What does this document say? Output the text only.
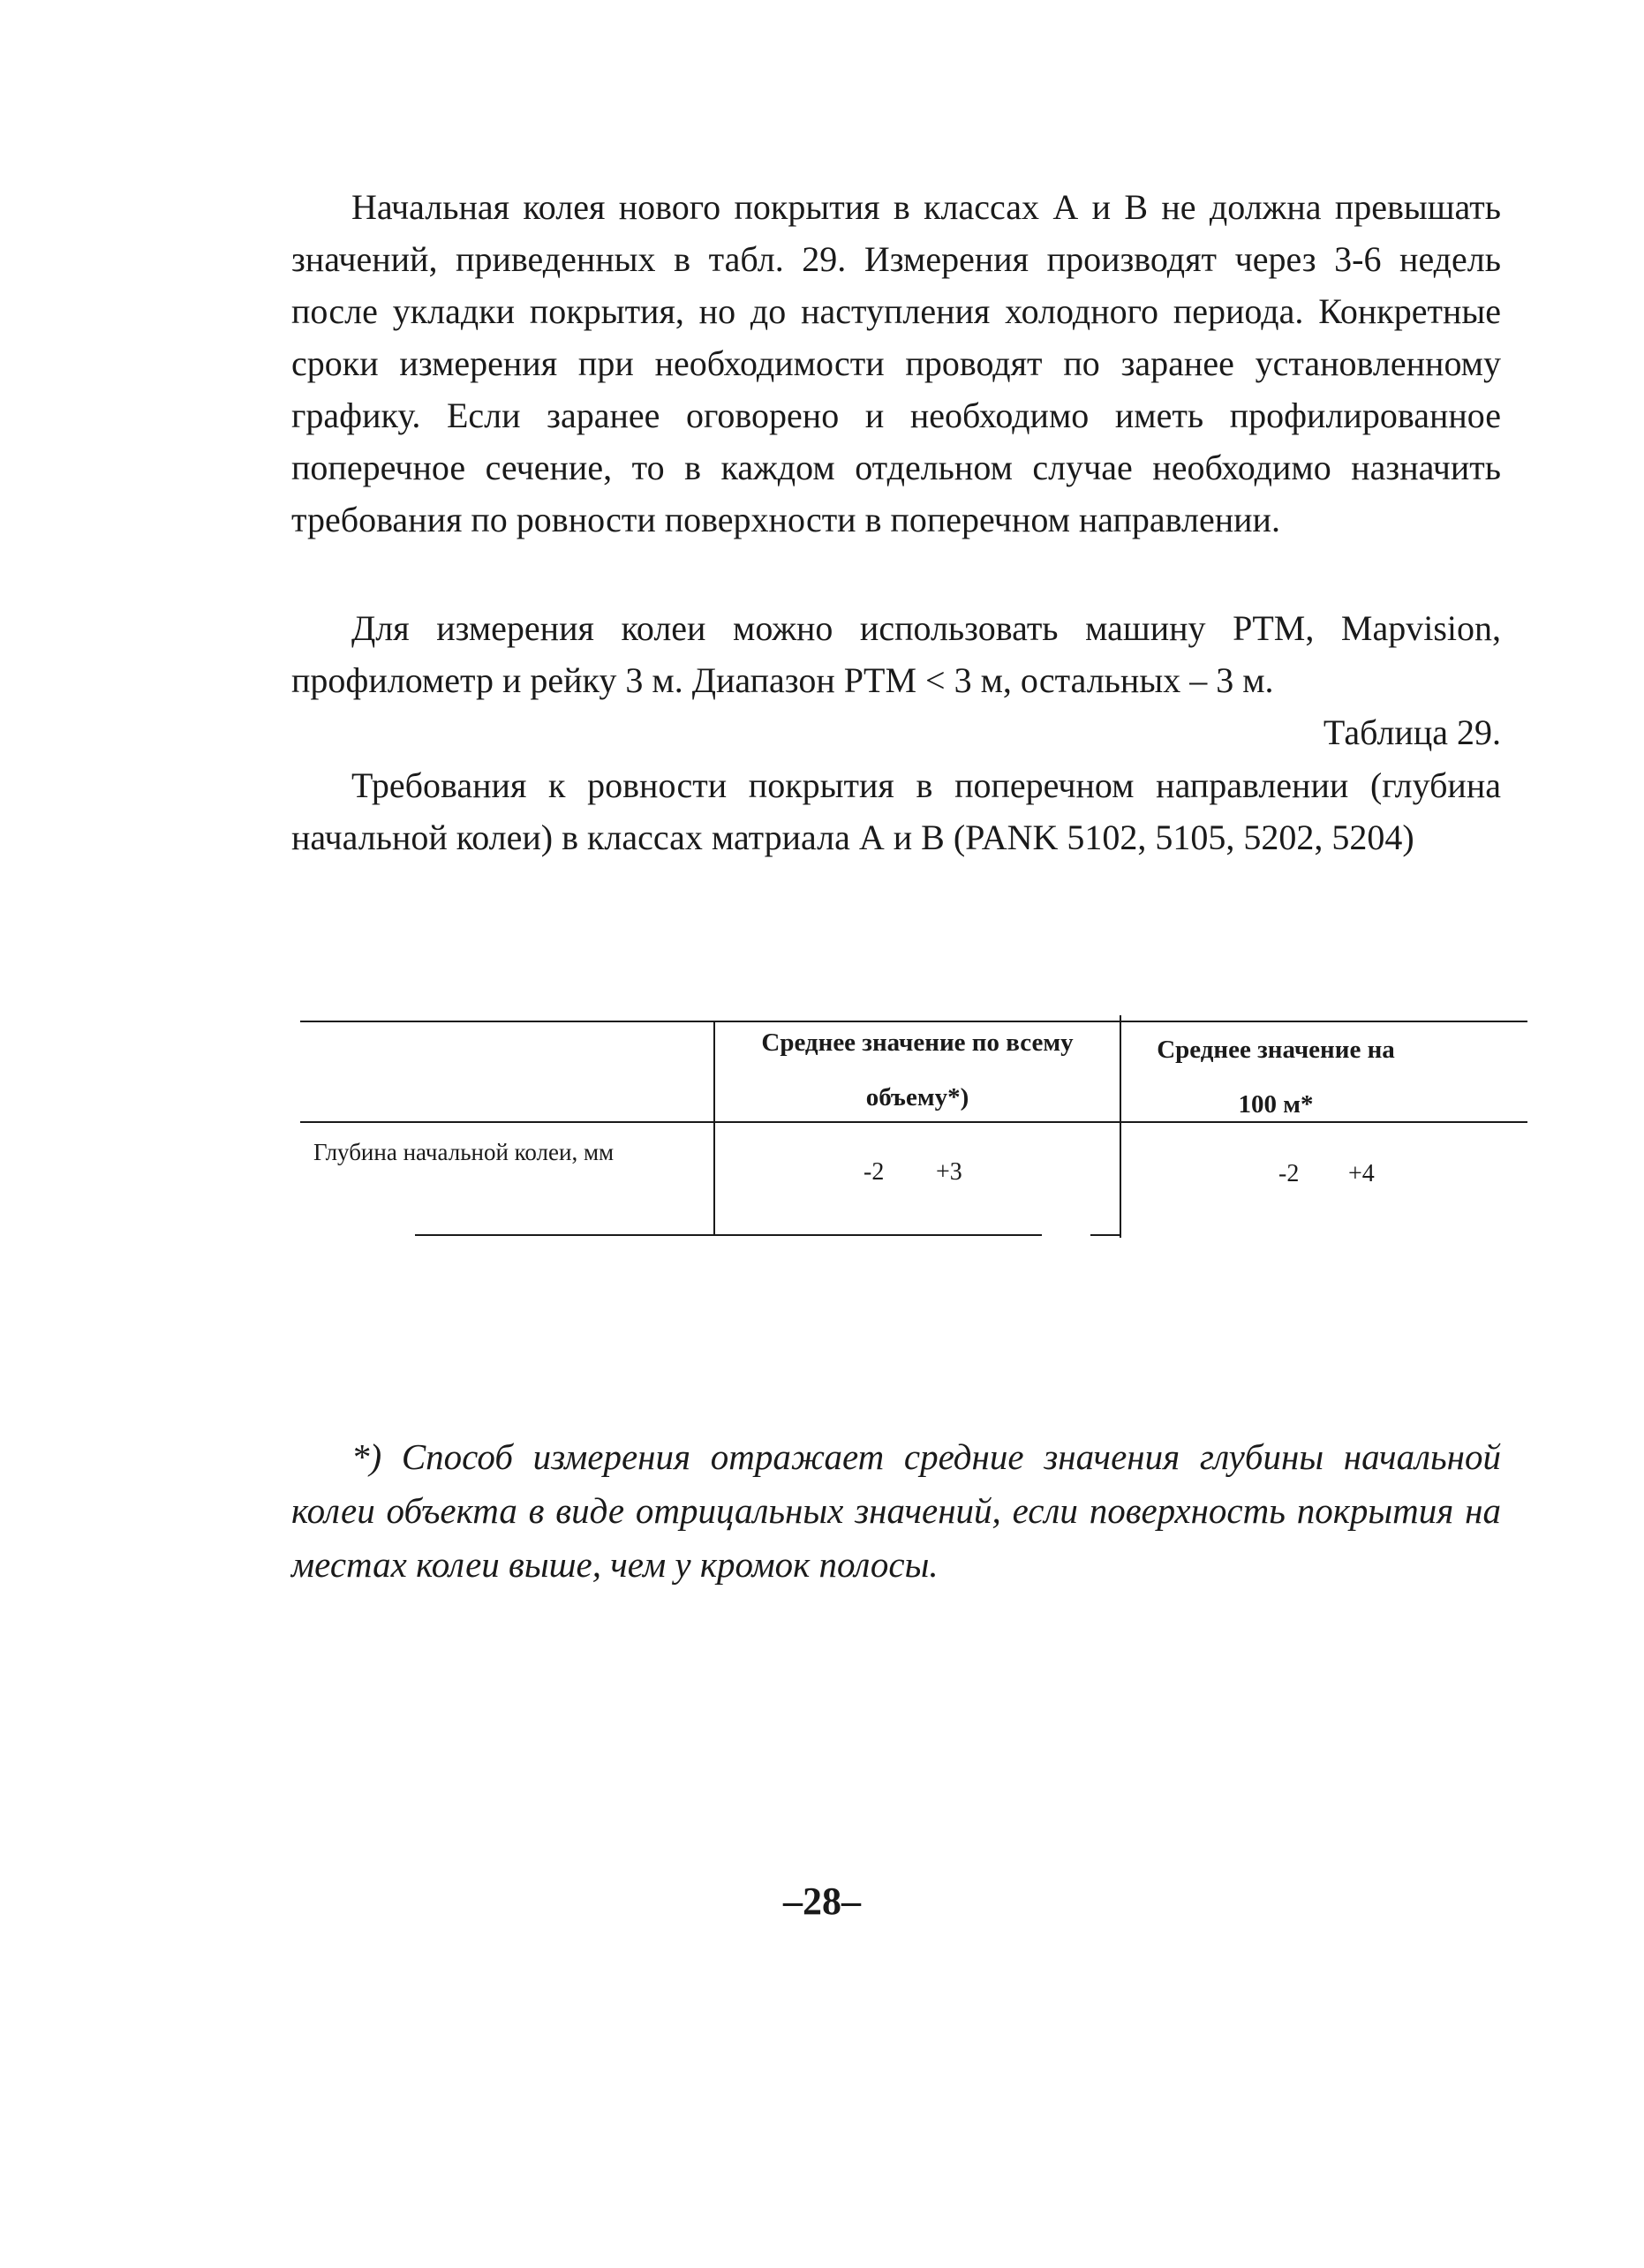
Начальная колея нового покрытия в классах А и В не должна превышать значений, приведенных в табл. 29. Измерения производят через 3-6 недель после укладки покрытия, но до наступления холодного периода. Конкретные сроки измерения при необходимости проводят по заранее установленному графику. Если заранее оговорено и необходимо иметь профилированное поперечное сечение, то в каждом отдельном случае необходимо назначить требования по ровности поверхности в поперечном направлении.

Для измерения колеи можно использовать машину PTM, Mapvision, профилометр и рейку 3 м. Диапазон PTM < 3 м, остальных – 3 м.

Таблица 29.

Требования к ровности покрытия в поперечном направлении (глубина начальной колеи) в классах матриала А и В (PANK 5102, 5105, 5202, 5204)

Среднее значение по всему объему*)

Среднее значение на 100 м*

Глубина начальной колеи, мм

-2 +3	-2 +4

*) Способ измерения отражает средние значения глубины начальной колеи объекта в виде отрицальных значений, если поверхность покрытия на местах колеи выше, чем у кромок полосы.

–28–
